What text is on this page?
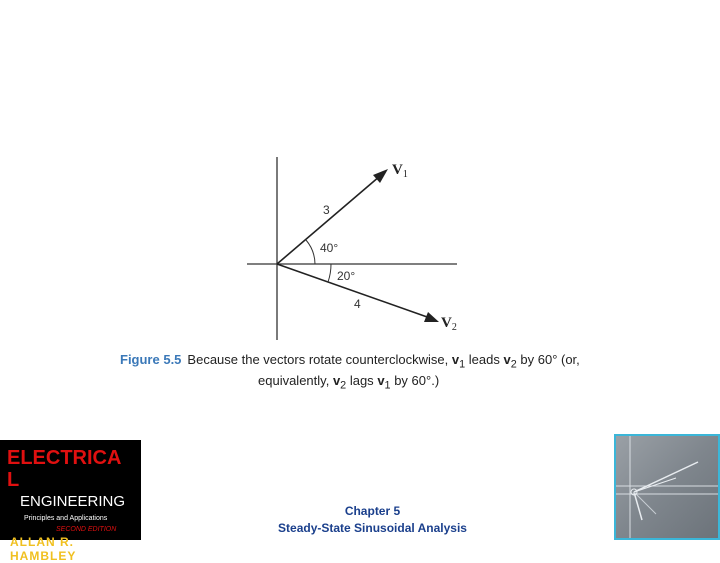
$V_1$
$V_2$
3
40°
20°
4
Figure 5.5 Because the vectors rotate counterclockwise, $v_1$ leads $v_2$ by 60° (or,
equivalently, $v_2$ lags $v_1$ by 60°.)
ELECTRICA L
ENGINEERING
Principles and Applications
SECOND EDITION
ALLAN R. HAMBLEY
Chapter 5
Steady-State Sinusoidal Analysis
